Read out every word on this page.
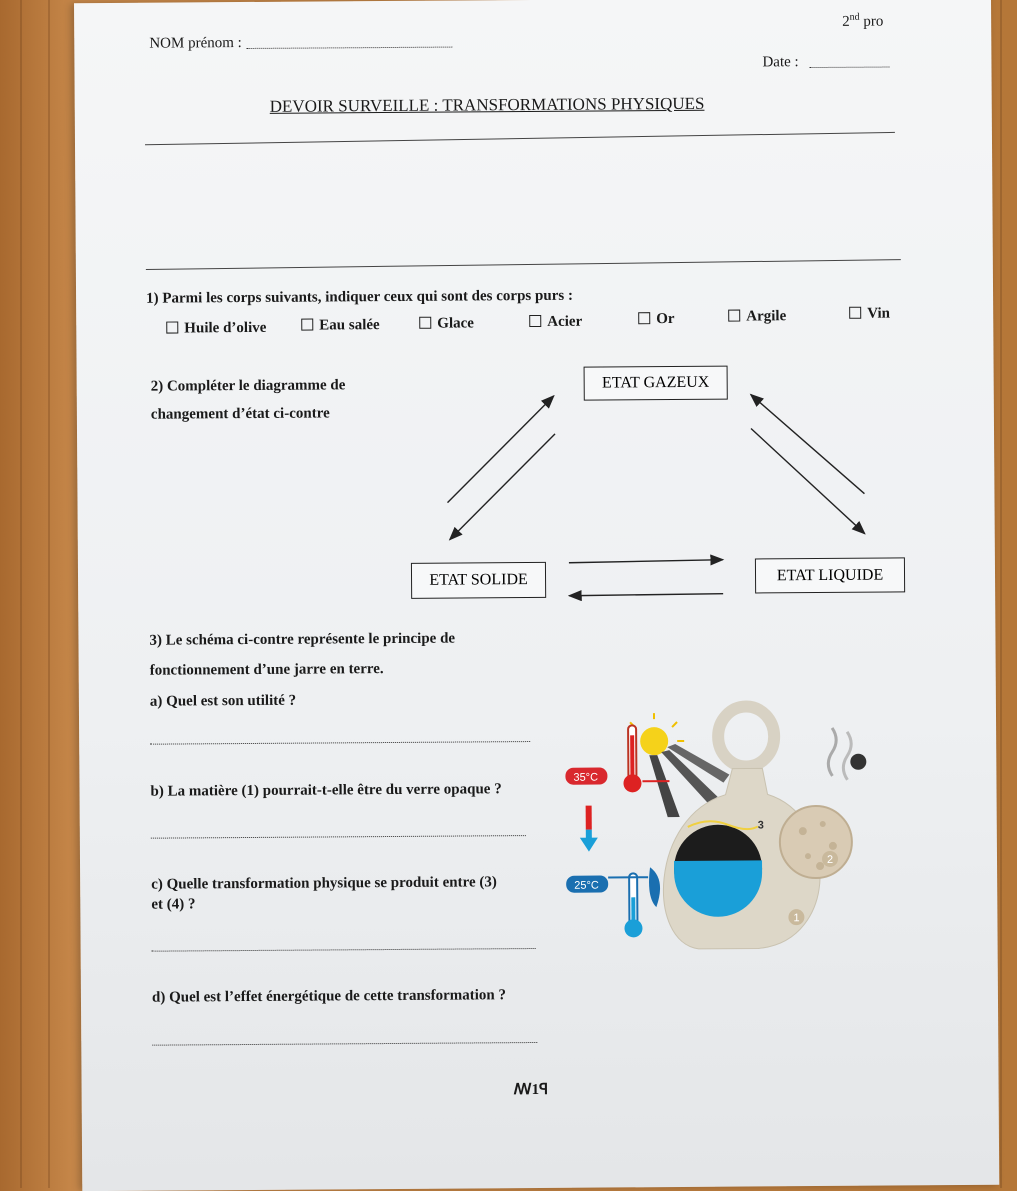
NOM prénom :
2nd pro
Date :
DEVOIR SURVEILLE : TRANSFORMATIONS PHYSIQUES
1) Parmi les corps suivants, indiquer ceux qui sont des corps purs :
Huile d’olive	Eau salée	Glace	Acier	Or	Argile	Vin
2) Compléter le diagramme de
changement d’état ci-contre
ETAT GAZEUX
ETAT SOLIDE	ETAT LIQUIDE
3) Le schéma ci-contre représente le principe de
fonctionnement d’une jarre en terre.
a) Quel est son utilité ?
b) La matière (1) pourrait-t-elle être du verre opaque ?
c) Quelle transformation physique se produit entre (3)
et (4) ?
d) Quel est l’effet énergétique de cette transformation ?
ꟿ1ꟼ
2
1
3
35°C
25°C
